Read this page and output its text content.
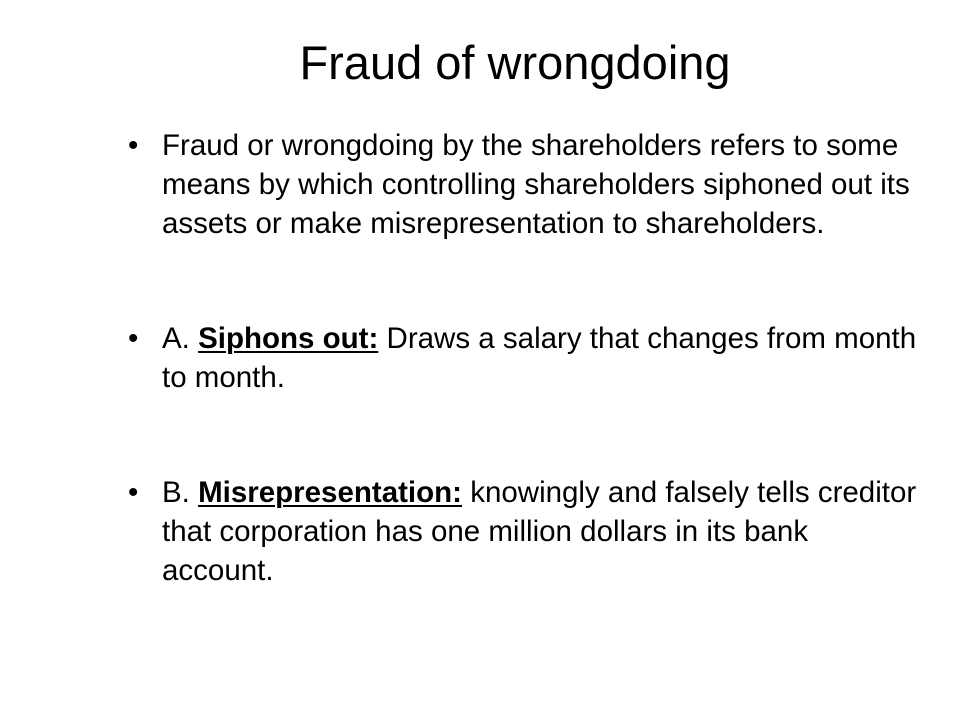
Fraud of wrongdoing

• Fraud or wrongdoing by the shareholders refers to some means by which controlling shareholders siphoned out its assets or make misrepresentation to shareholders.

• A. Siphons out: Draws a salary that changes from month to month.

• B. Misrepresentation: knowingly and falsely tells creditor that corporation has one million dollars in its bank account.
